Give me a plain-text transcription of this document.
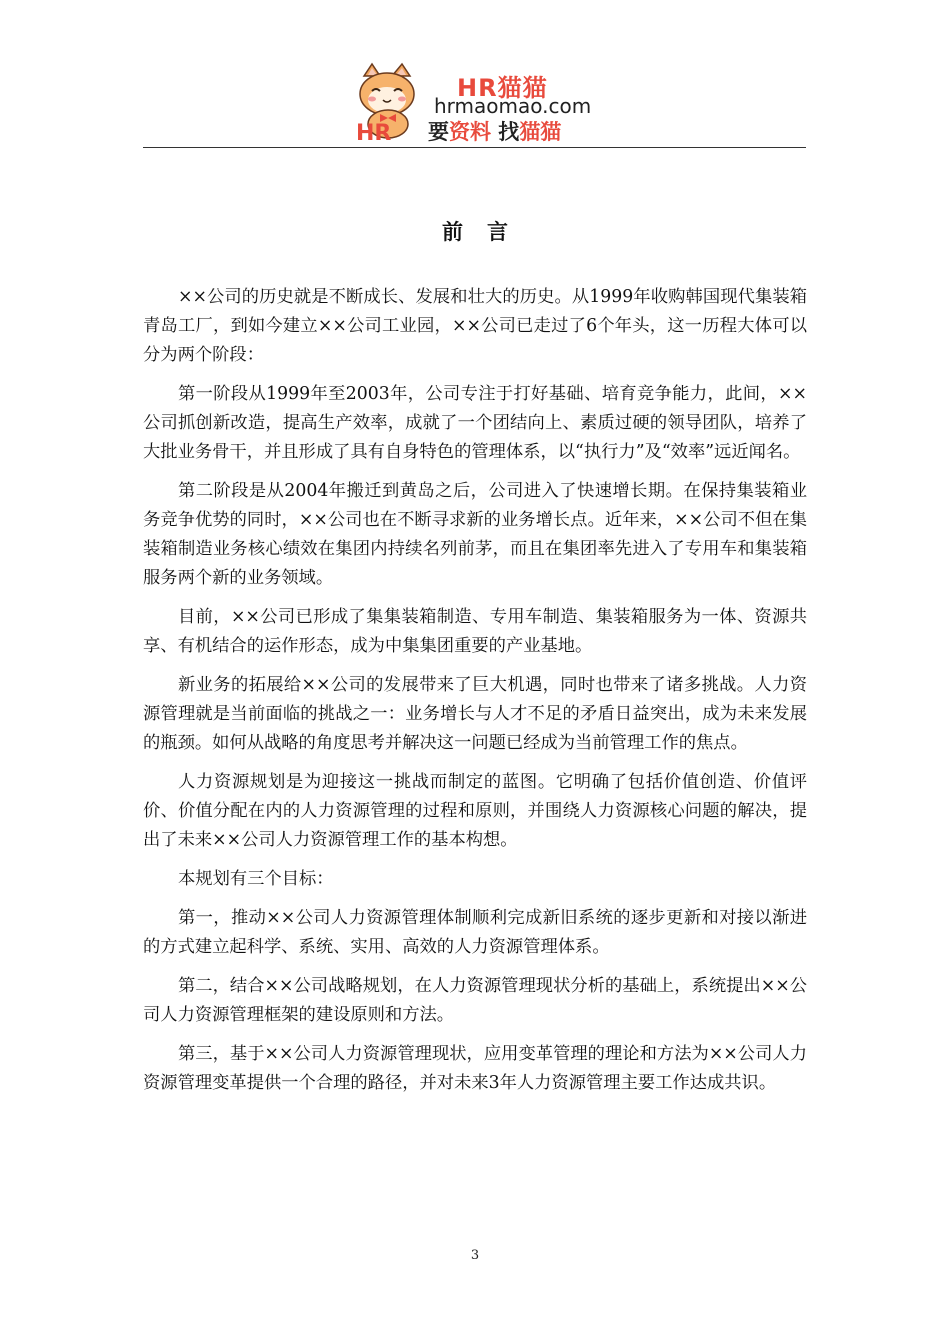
HR
HR猫猫
hrmaomao.com
要资料 找猫猫
前言

××公司的历史就是不断成长、发展和壮大的历史。从1999年收购韩国现代集装箱青岛工厂，到如今建立××公司工业园，××公司已走过了6个年头，这一历程大体可以分为两个阶段：

第一阶段从1999年至2003年，公司专注于打好基础、培育竞争能力，此间，××公司抓创新改造，提高生产效率，成就了一个团结向上、素质过硬的领导团队，培养了大批业务骨干，并且形成了具有自身特色的管理体系，以“执行力”及“效率”远近闻名。

第二阶段是从2004年搬迁到黄岛之后，公司进入了快速增长期。在保持集装箱业务竞争优势的同时，××公司也在不断寻求新的业务增长点。近年来，××公司不但在集装箱制造业务核心绩效在集团内持续名列前茅，而且在集团率先进入了专用车和集装箱服务两个新的业务领域。

目前，××公司已形成了集集装箱制造、专用车制造、集装箱服务为一体、资源共享、有机结合的运作形态，成为中集集团重要的产业基地。

新业务的拓展给××公司的发展带来了巨大机遇，同时也带来了诸多挑战。人力资源管理就是当前面临的挑战之一：业务增长与人才不足的矛盾日益突出，成为未来发展的瓶颈。如何从战略的角度思考并解决这一问题已经成为当前管理工作的焦点。

人力资源规划是为迎接这一挑战而制定的蓝图。它明确了包括价值创造、价值评价、价值分配在内的人力资源管理的过程和原则，并围绕人力资源核心问题的解决，提出了未来××公司人力资源管理工作的基本构想。

本规划有三个目标：

第一，推动××公司人力资源管理体制顺利完成新旧系统的逐步更新和对接以渐进的方式建立起科学、系统、实用、高效的人力资源管理体系。

第二，结合××公司战略规划，在人力资源管理现状分析的基础上，系统提出××公司人力资源管理框架的建设原则和方法。

第三，基于××公司人力资源管理现状，应用变革管理的理论和方法为××公司人力资源管理变革提供一个合理的路径，并对未来3年人力资源管理主要工作达成共识。

3
